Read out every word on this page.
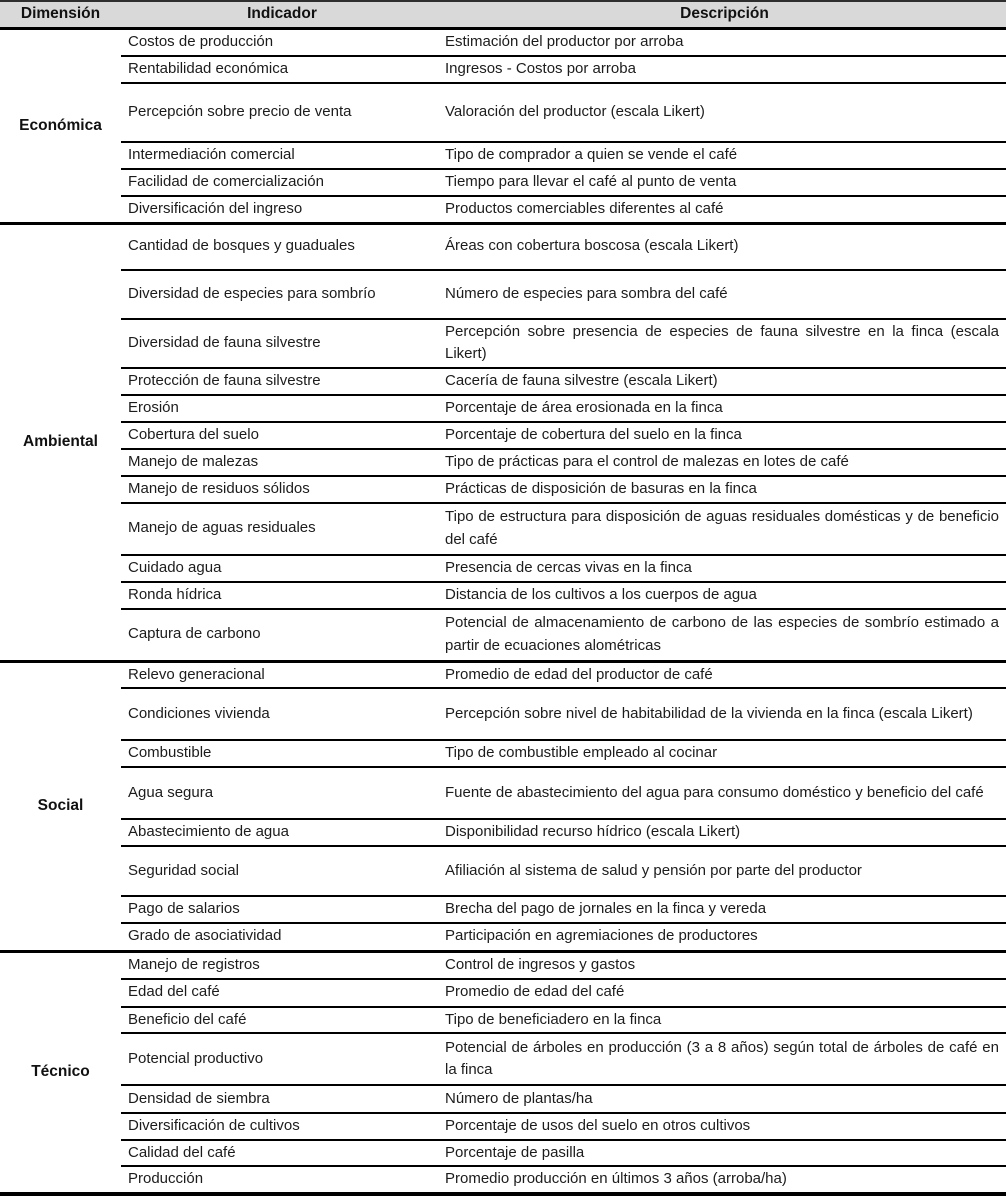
Dimensión	Indicador	Descripción
Económica	Costos de producción	Estimación del productor por arroba
	Rentabilidad económica	Ingresos - Costos por arroba
	Percepción sobre precio de venta	Valoración del productor (escala Likert)
	Intermediación comercial	Tipo de comprador a quien se vende el café
	Facilidad de comercialización	Tiempo para llevar el café al punto de venta
	Diversificación del ingreso	Productos comerciables diferentes al café
Ambiental	Cantidad de bosques y guaduales	Áreas con cobertura boscosa (escala Likert)
	Diversidad de especies para sombrío	Número de especies para sombra del café
	Diversidad de fauna silvestre	Percepción sobre presencia de especies de fauna silvestre en la finca (escala Likert)
	Protección de fauna silvestre	Cacería de fauna silvestre (escala Likert)
	Erosión	Porcentaje de área erosionada en la finca
	Cobertura del suelo	Porcentaje de cobertura del suelo en la finca
	Manejo de malezas	Tipo de prácticas para el control de malezas en lotes de café
	Manejo de residuos sólidos	Prácticas de disposición de basuras en la finca
	Manejo de aguas residuales	Tipo de estructura para disposición de aguas residuales domésticas y de beneficio del café
	Cuidado agua	Presencia de cercas vivas en la finca
	Ronda hídrica	Distancia de los cultivos a los cuerpos de agua
	Captura de carbono	Potencial de almacenamiento de carbono de las especies de sombrío estimado a partir de ecuaciones alométricas
Social	Relevo generacional	Promedio de edad del productor de café
	Condiciones vivienda	Percepción sobre nivel de habitabilidad de la vivienda en la finca (escala Likert)
	Combustible	Tipo de combustible empleado al cocinar
	Agua segura	Fuente de abastecimiento del agua para consumo doméstico y beneficio del café
	Abastecimiento de agua	Disponibilidad recurso hídrico (escala Likert)
	Seguridad social	Afiliación al sistema de salud y pensión por parte del productor
	Pago de salarios	Brecha del pago de jornales en la finca y vereda
	Grado de asociatividad	Participación en agremiaciones de productores
Técnico	Manejo de registros	Control de ingresos y gastos
	Edad del café	Promedio de edad del café
	Beneficio del café	Tipo de beneficiadero en la finca
	Potencial productivo	Potencial de árboles en producción (3 a 8 años) según total de árboles de café en la finca
	Densidad de siembra	Número de plantas/ha
	Diversificación de cultivos	Porcentaje de usos del suelo en otros cultivos
	Calidad del café	Porcentaje de pasilla
	Producción	Promedio producción en últimos 3 años (arroba/ha)
